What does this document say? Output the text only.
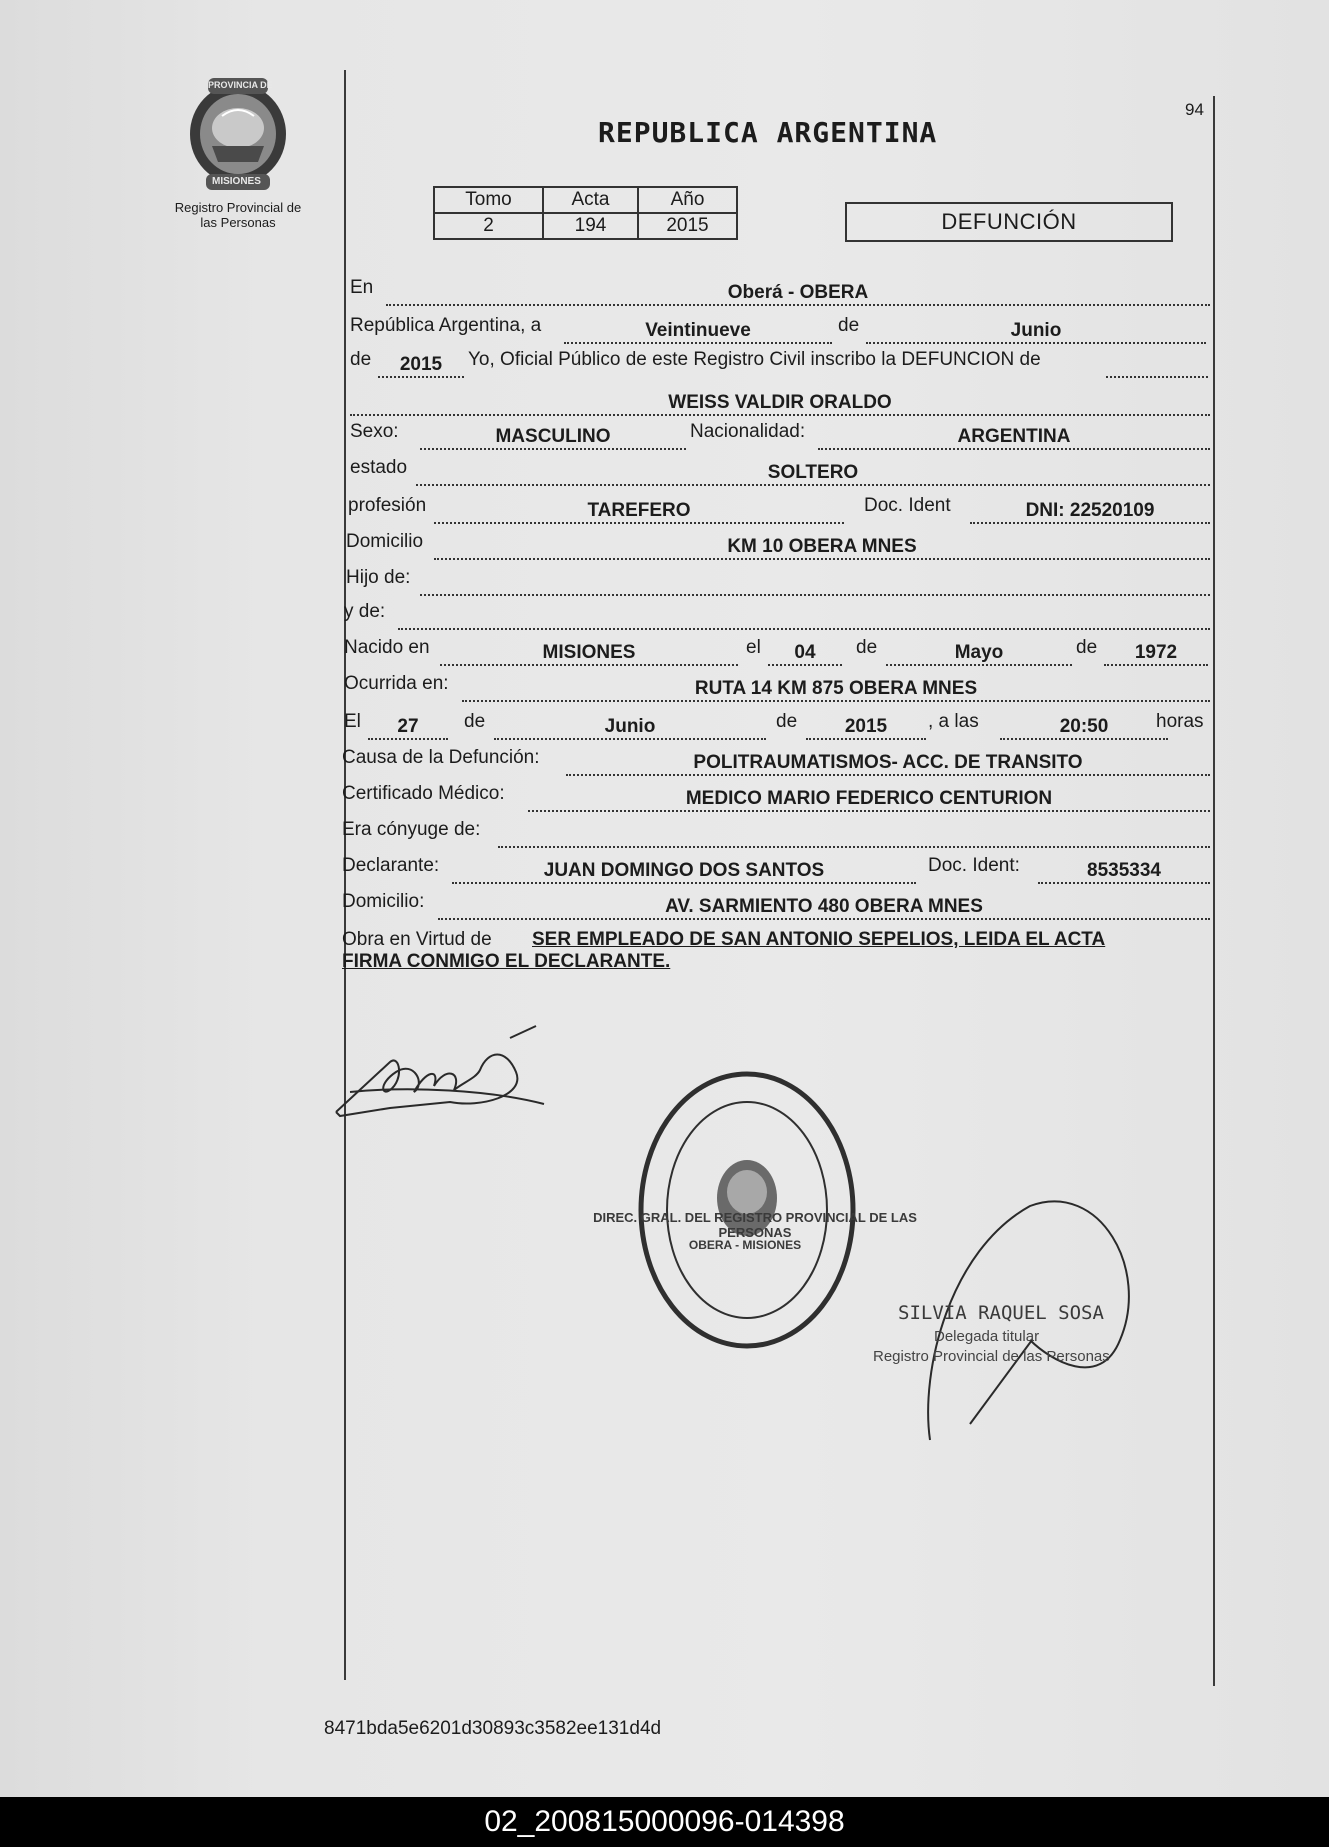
PROVINCIA DE
MISIONES
Registro Provincial de
las Personas
94
REPUBLICA ARGENTINA
Tomo	Acta	Año
2	194	2015	DEFUNCIÓN
En	Oberá - OBERA
República Argentina, a	Veintinueve	de	Junio
de	2015	Yo, Oficial Público de este Registro Civil inscribo la DEFUNCION de
WEISS VALDIR ORALDO
Sexo:	MASCULINO	Nacionalidad:	ARGENTINA
estado	SOLTERO
profesión	TAREFERO	Doc. Ident	DNI: 22520109
Domicilio	KM 10 OBERA MNES
Hijo de:
y de:
Nacido en	MISIONES	el	04	de	Mayo	de	1972
Ocurrida en:	RUTA 14 KM 875 OBERA MNES
El	27	de	Junio	de	2015	, a las	20:50	horas
Causa de la Defunción:	POLITRAUMATISMOS- ACC. DE TRANSITO
Certificado Médico:	MEDICO MARIO FEDERICO CENTURION
Era cónyuge de:
Declarante:	JUAN DOMINGO DOS SANTOS	Doc. Ident:	8535334
Domicilio:	AV. SARMIENTO 480 OBERA MNES
Obra en Virtud de SER EMPLEADO DE SAN ANTONIO SEPELIOS, LEIDA EL ACTA
FIRMA CONMIGO EL DECLARANTE.
DIREC. GRAL. DEL REGISTRO PROVINCIAL DE LAS PERSONAS
OBERA - MISIONES
SILVIA RAQUEL SOSA
Delegada titular
Registro Provincial de las Personas
8471bda5e6201d30893c3582ee131d4d
02_200815000096-014398
